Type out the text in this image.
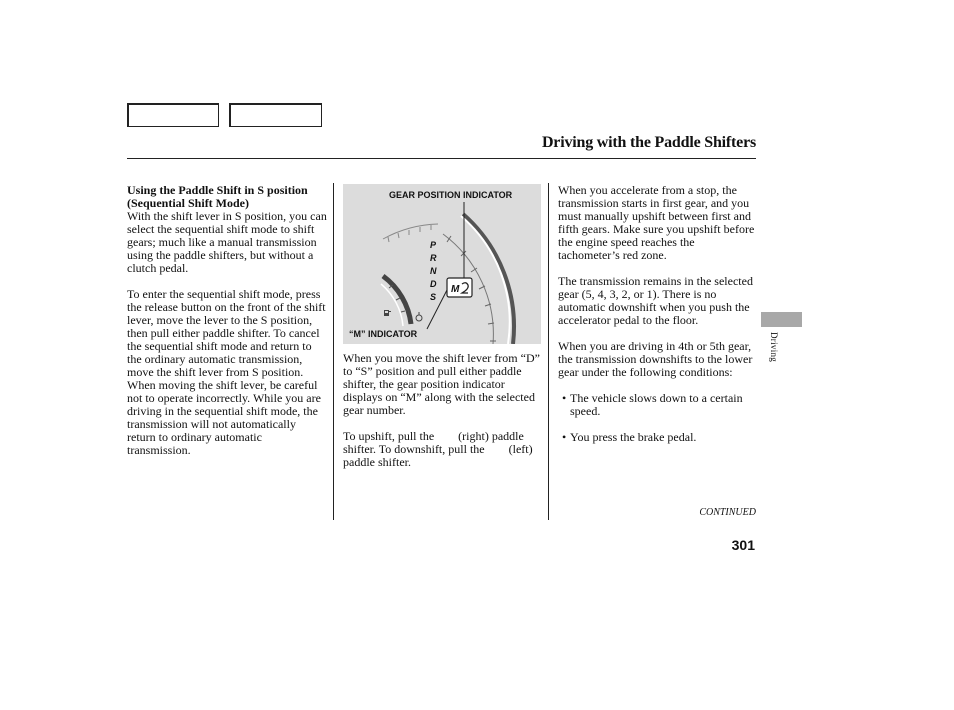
Driving with the Paddle Shifters
Using the Paddle Shift in S position (Sequential Shift Mode)

With the shift lever in S position, you can select the sequential shift mode to shift gears; much like a manual transmission using the paddle shifters, but without a clutch pedal.

To enter the sequential shift mode, press the release button on the front of the shift lever, move the lever to the S position, then pull either paddle shifter. To cancel the sequential shift mode and return to the ordinary automatic transmission, move the shift lever from S position. When moving the shift lever, be careful not to operate incorrectly. While you are driving in the sequential shift mode, the transmission will not automatically return to ordinary automatic transmission.

GEAR POSITION INDICATOR
“M” INDICATOR
P
R
N
D
S
M

When you move the shift lever from “D” to “S” position and pull either paddle shifter, the gear position indicator displays on “M” along with the selected gear number.

To upshift, pull the (right) paddle shifter. To downshift, pull the (left) paddle shifter.

When you accelerate from a stop, the transmission starts in first gear, and you must manually upshift between first and fifth gears. Make sure you upshift before the engine speed reaches the tachometer’s red zone.

The transmission remains in the selected gear (5, 4, 3, 2, or 1). There is no automatic downshift when you push the accelerator pedal to the floor.

When you are driving in 4th or 5th gear, the transmission downshifts to the lower gear under the following conditions:

• The vehicle slows down to a certain speed.

• You press the brake pedal.

CONTINUED
301
Driving
